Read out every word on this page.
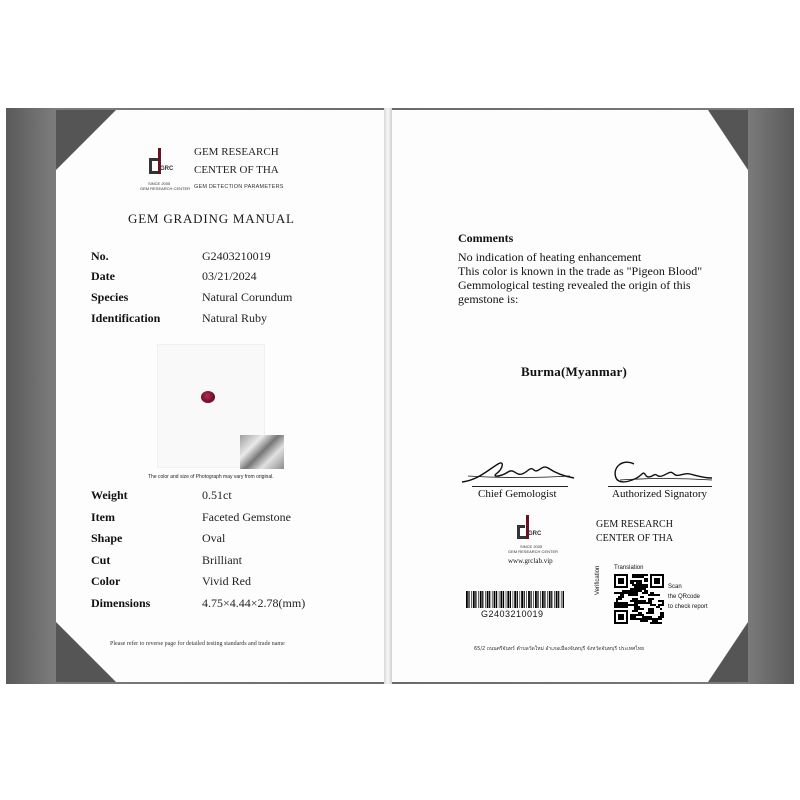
GRC
SINCE 2005
GEM RESEARCH CENTER
GEM RESEARCH
CENTER OF THA
GEM DETECTION PARAMETERS
GEM GRADING MANUAL
No.	G2403210019
Date	03/21/2024
Species	Natural Corundum
Identification	Natural Ruby
The color and size of Photograph may vary from original.
Weight	0.51ct
Item	Faceted Gemstone
Shape	Oval
Cut	Brilliant
Color	Vivid Red
Dimensions	4.75×4.44×2.78(mm)
Please refer to reverse page for detailed testing standards and trade name
Comments
No indication of heating enhancement
This color is known in the trade as "Pigeon Blood"
Gemmological testing revealed the origin of this
gemstone is:
Burma(Myanmar)
Chief Gemologist	Authorized Signatory
GRC
SINCE 2005
GEM RESEARCH CENTER
www.grclab.vip
GEM RESEARCH
CENTER OF THA
G2403210019
Translation
Verification	Scan
the QRcode
to check report
65/2 ถนนศรีจันทร์ ตำบลวัดใหม่ อำเภอเมืองจันทบุรี จังหวัดจันทบุรี ประเทศไทย
